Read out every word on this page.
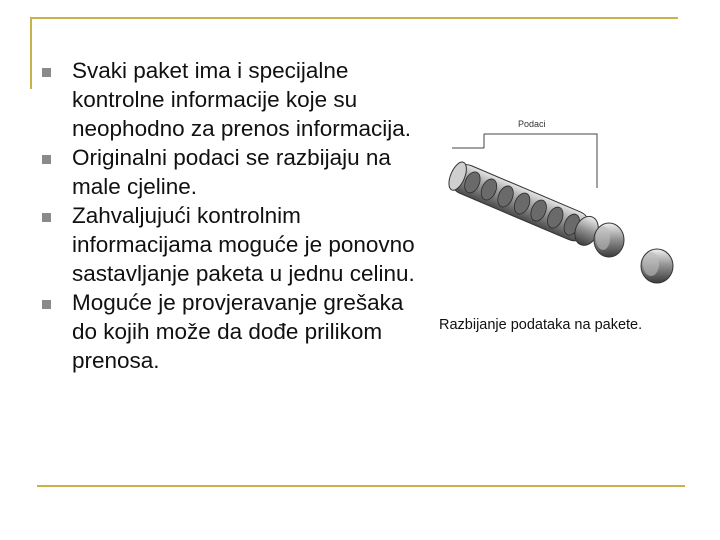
Svaki paket ima i specijalne kontrolne informacije koje su neophodno za prenos informacija.
Originalni podaci se razbijaju na male cjeline.
Zahvaljujući kontrolnim informacijama moguće je ponovno sastavljanje paketa u jednu celinu.
Moguće je provjeravanje grešaka do kojih može da dođe prilikom prenosa.
Podaci
Razbijanje podataka na pakete.
